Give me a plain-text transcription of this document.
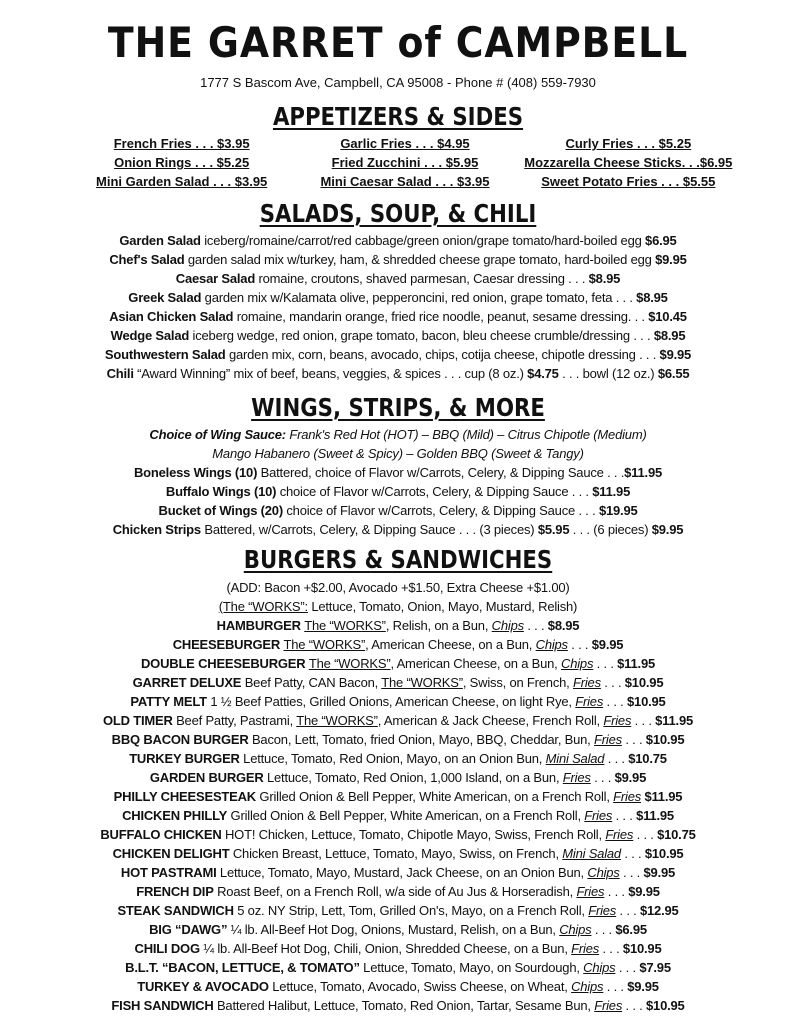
THE GARRET of CAMPBELL
1777 S Bascom Ave, Campbell, CA 95008 - Phone # (408) 559-7930
APPETIZERS & SIDES
French Fries . . . $3.95	Garlic Fries . . . $4.95	Curly Fries . . . $5.25
Onion Rings . . . $5.25	Fried Zucchini . . . $5.95	Mozzarella Cheese Sticks. . .$6.95
Mini Garden Salad . . . $3.95	Mini Caesar Salad . . . $3.95	Sweet Potato Fries . . . $5.55
SALADS, SOUP, & CHILI
Garden Salad iceberg/romaine/carrot/red cabbage/green onion/grape tomato/hard-boiled egg $6.95
Chef's Salad garden salad mix w/turkey, ham, & shredded cheese grape tomato, hard-boiled egg $9.95
Caesar Salad romaine, croutons, shaved parmesan, Caesar dressing . . . $8.95
Greek Salad garden mix w/Kalamata olive, pepperoncini, red onion, grape tomato, feta . . . $8.95
Asian Chicken Salad romaine, mandarin orange, fried rice noodle, peanut, sesame dressing. . . $10.45
Wedge Salad iceberg wedge, red onion, grape tomato, bacon, bleu cheese crumble/dressing . . . $8.95
Southwestern Salad garden mix, corn, beans, avocado, chips, cotija cheese, chipotle dressing . . . $9.95
Chili “Award Winning” mix of beef, beans, veggies, & spices . . . cup (8 oz.) $4.75 . . . bowl (12 oz.) $6.55
WINGS, STRIPS, & MORE
Choice of Wing Sauce: Frank's Red Hot (HOT) – BBQ (Mild) – Citrus Chipotle (Medium)
Mango Habanero (Sweet & Spicy) – Golden BBQ (Sweet & Tangy)
Boneless Wings (10) Battered, choice of Flavor w/Carrots, Celery, & Dipping Sauce . . .$11.95
Buffalo Wings (10) choice of Flavor w/Carrots, Celery, & Dipping Sauce . . . $11.95
Bucket of Wings (20) choice of Flavor w/Carrots, Celery, & Dipping Sauce . . . $19.95
Chicken Strips Battered, w/Carrots, Celery, & Dipping Sauce . . . (3 pieces) $5.95 . . . (6 pieces) $9.95
BURGERS & SANDWICHES
(ADD: Bacon +$2.00, Avocado +$1.50, Extra Cheese +$1.00)
(The “WORKS”: Lettuce, Tomato, Onion, Mayo, Mustard, Relish)
HAMBURGER The “WORKS”, Relish, on a Bun, Chips . . . $8.95
CHEESEBURGER The “WORKS”, American Cheese, on a Bun, Chips . . . $9.95
DOUBLE CHEESEBURGER The “WORKS”, American Cheese, on a Bun, Chips . . . $11.95
GARRET DELUXE Beef Patty, CAN Bacon, The “WORKS”, Swiss, on French, Fries . . . $10.95
PATTY MELT 1 ½ Beef Patties, Grilled Onions, American Cheese, on light Rye, Fries . . . $10.95
OLD TIMER Beef Patty, Pastrami, The “WORKS”, American & Jack Cheese, French Roll, Fries . . . $11.95
BBQ BACON BURGER Bacon, Lett, Tomato, fried Onion, Mayo, BBQ, Cheddar, Bun, Fries . . . $10.95
TURKEY BURGER Lettuce, Tomato, Red Onion, Mayo, on an Onion Bun, Mini Salad . . . $10.75
GARDEN BURGER Lettuce, Tomato, Red Onion, 1,000 Island, on a Bun, Fries . . . $9.95
PHILLY CHEESESTEAK Grilled Onion & Bell Pepper, White American, on a French Roll, Fries $11.95
CHICKEN PHILLY Grilled Onion & Bell Pepper, White American, on a French Roll, Fries . . . $11.95
BUFFALO CHICKEN HOT! Chicken, Lettuce, Tomato, Chipotle Mayo, Swiss, French Roll, Fries . . . $10.75
CHICKEN DELIGHT Chicken Breast, Lettuce, Tomato, Mayo, Swiss, on French, Mini Salad . . . $10.95
HOT PASTRAMI Lettuce, Tomato, Mayo, Mustard, Jack Cheese, on an Onion Bun, Chips . . . $9.95
FRENCH DIP Roast Beef, on a French Roll, w/a side of Au Jus & Horseradish, Fries . . . $9.95
STEAK SANDWICH 5 oz. NY Strip, Lett, Tom, Grilled On's, Mayo, on a French Roll, Fries . . . $12.95
BIG “DAWG” ¼ lb. All-Beef Hot Dog, Onions, Mustard, Relish, on a Bun, Chips . . . $6.95
CHILI DOG ¼ lb. All-Beef Hot Dog, Chili, Onion, Shredded Cheese, on a Bun, Fries . . . $10.95
B.L.T. “BACON, LETTUCE, & TOMATO” Lettuce, Tomato, Mayo, on Sourdough, Chips . . . $7.95
TURKEY & AVOCADO Lettuce, Tomato, Avocado, Swiss Cheese, on Wheat, Chips . . . $9.95
FISH SANDWICH Battered Halibut, Lettuce, Tomato, Red Onion, Tartar, Sesame Bun, Fries . . . $10.95
